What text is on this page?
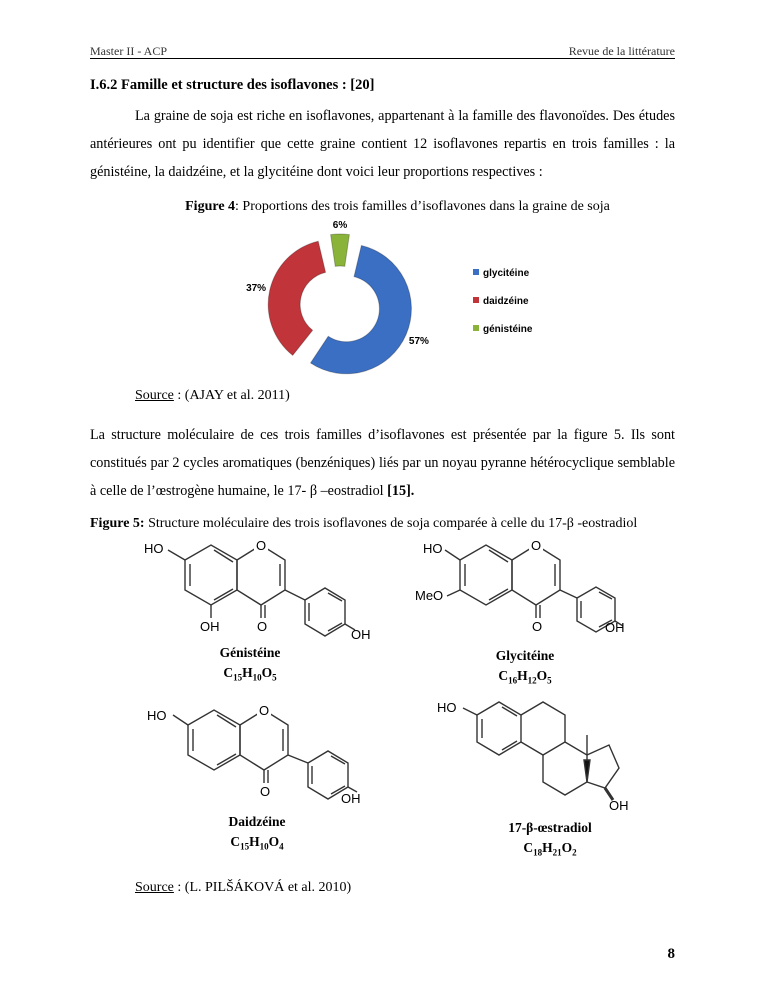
Master II - ACP	Revue de la littérature
I.6.2 Famille et structure des isoflavones : [20]
La graine de soja est riche en isoflavones, appartenant à la famille des flavonoïdes. Des études antérieures ont pu identifier que cette graine contient 12 isoflavones repartis en trois familles : la génistéine, la daidzéine, et la glycitéine dont voici leur proportions respectives :
Figure 4: Proportions des trois familles d’isoflavones dans la graine de soja
57%
37%
6%
glycitéine
daidzéine
génistéine
Source : (AJAY et al. 2011)
La structure moléculaire de ces trois familles d’isoflavones est présentée par la figure 5. Ils sont constitués par 2 cycles aromatiques (benzéniques) liés par un noyau pyranne hétérocyclique semblable à celle de l’œstrogène humaine, le 17- β –eostradiol [15].
Figure 5: Structure moléculaire des trois isoflavones de soja comparée à celle du 17-β -eostradiol
O
HO
OH	O
OH
Génistéine
$C_{15}H_{10}O_5$
O
HO
MeO
O	OH
Glycitéine
$C_{16}H_{12}O_5$
O
HO
O	OH
Daidzéine
$C_{15}H_{10}O_4$
HO
OH
17-β-œstradiol
$C_{18}H_{21}O_2$
Source : (L. PILŠÁKOVÁ et al. 2010)
8
